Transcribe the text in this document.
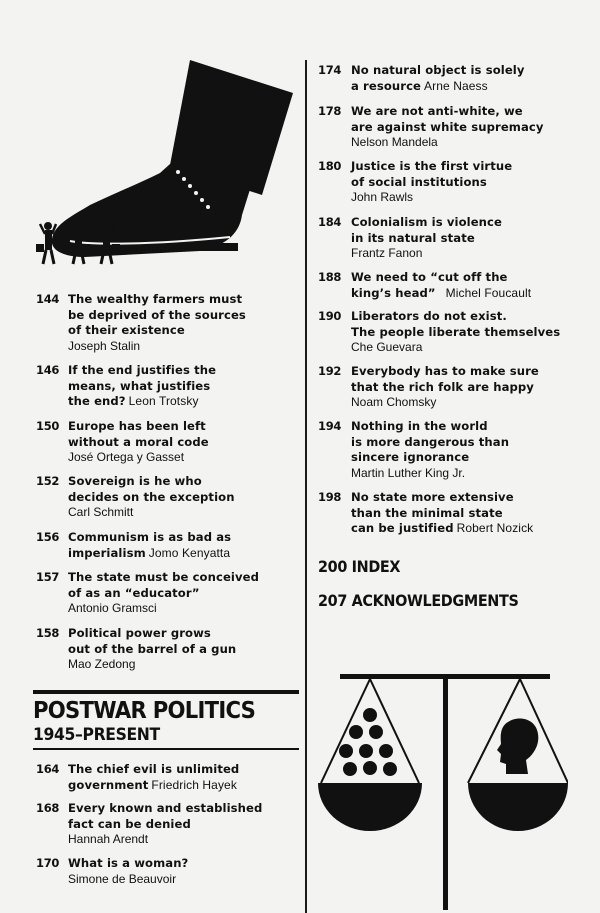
144 The wealthy farmers must
be deprived of the sources
of their existence
Joseph Stalin
146 If the end justifies the
means, what justifies
the end? Leon Trotsky
150 Europe has been left
without a moral code
José Ortega y Gasset
152 Sovereign is he who
decides on the exception
Carl Schmitt
156 Communism is as bad as
imperialism Jomo Kenyatta
157 The state must be conceived
of as an “educator”
Antonio Gramsci
158 Political power grows
out of the barrel of a gun
Mao Zedong
POSTWAR POLITICS
1945–PRESENT
164 The chief evil is unlimited
government Friedrich Hayek
168 Every known and established
fact can be denied
Hannah Arendt
170 What is a woman?
Simone de Beauvoir
174 No natural object is solely
a resource Arne Naess
178 We are not anti-white, we
are against white supremacy
Nelson Mandela
180 Justice is the first virtue
of social institutions
John Rawls
184 Colonialism is violence
in its natural state
Frantz Fanon
188 We need to “cut off the
king’s head” Michel Foucault
190 Liberators do not exist.
The people liberate themselves
Che Guevara
192 Everybody has to make sure
that the rich folk are happy
Noam Chomsky
194 Nothing in the world
is more dangerous than
sincere ignorance
Martin Luther King Jr.
198 No state more extensive
than the minimal state
can be justified Robert Nozick
200 INDEX
207 ACKNOWLEDGMENTS
